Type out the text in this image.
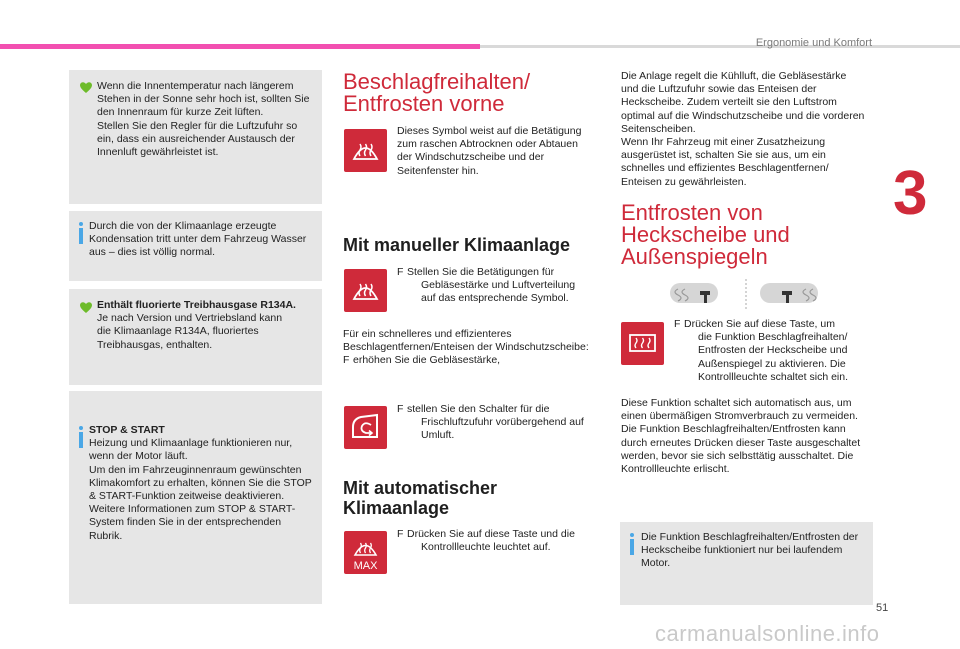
Ergonomie und Komfort
3

Wenn die Innentemperatur nach längerem

Stehen in der Sonne sehr hoch ist, sollten Sie

den Innenraum für kurze Zeit lüften.

Stellen Sie den Regler für die Luftzufuhr so

ein, dass ein ausreichender Austausch der

Innenluft gewährleistet ist.

Durch die von der Klimaanlage erzeugte

Kondensation tritt unter dem Fahrzeug Wasser

aus – dies ist völlig normal.

Enthält fluorierte Treibhausgase R134A.

Je nach Version und Vertriebsland kann

die Klimaanlage R134A, fluoriertes

Treibhausgas, enthalten.

STOP & START

Heizung und Klimaanlage funktionieren nur,

wenn der Motor läuft.

Um den im Fahrzeuginnenraum gewünschten

Klimakomfort zu erhalten, können Sie die STOP

& START-Funktion zeitweise deaktivieren.

Weitere Informationen zum STOP & START-

System finden Sie in der entsprechenden

Rubrik.

Beschlagfreihalten/
Entfrosten vorne

Dieses Symbol weist auf die Betätigung

zum raschen Abtrocknen oder Abtauen

der Windschutzscheibe und der

Seitenfenster hin.

Mit manueller Klimaanlage

F Stellen Sie die Betätigungen für

Gebläsestärke und Luftverteilung

auf das entsprechende Symbol.

Für ein schnelleres und effizienteres

Beschlagentfernen/Enteisen der Windschutzscheibe:

F erhöhen Sie die Gebläsestärke,

F stellen Sie den Schalter für die

Frischluftzufuhr vorübergehend auf

Umluft.

Mit automatischer
Klimaanlage
MAX

F Drücken Sie auf diese Taste und die

Kontrollleuchte leuchtet auf.

Die Anlage regelt die Kühlluft, die Gebläsestärke

und die Luftzufuhr sowie das Enteisen der

Heckscheibe. Zudem verteilt sie den Luftstrom

optimal auf die Windschutzscheibe und die vorderen

Seitenscheiben.

Wenn Ihr Fahrzeug mit einer Zusatzheizung

ausgerüstet ist, schalten Sie sie aus, um ein

schnelles und effizientes Beschlagentfernen/

Enteisen zu gewährleisten.

Entfrosten von
Heckscheibe und
Außenspiegeln

F Drücken Sie auf diese Taste, um

die Funktion Beschlagfreihalten/

Entfrosten der Heckscheibe und

Außenspiegel zu aktivieren. Die

Kontrollleuchte schaltet sich ein.

Diese Funktion schaltet sich automatisch aus, um

einen übermäßigen Stromverbrauch zu vermeiden.

Die Funktion Beschlagfreihalten/Entfrosten kann

durch erneutes Drücken dieser Taste ausgeschaltet

werden, bevor sie sich selbsttätig ausschaltet. Die

Kontrollleuchte erlischt.

Die Funktion Beschlagfreihalten/Entfrosten der

Heckscheibe funktioniert nur bei laufendem

Motor.

51
carmanualsonline.info
